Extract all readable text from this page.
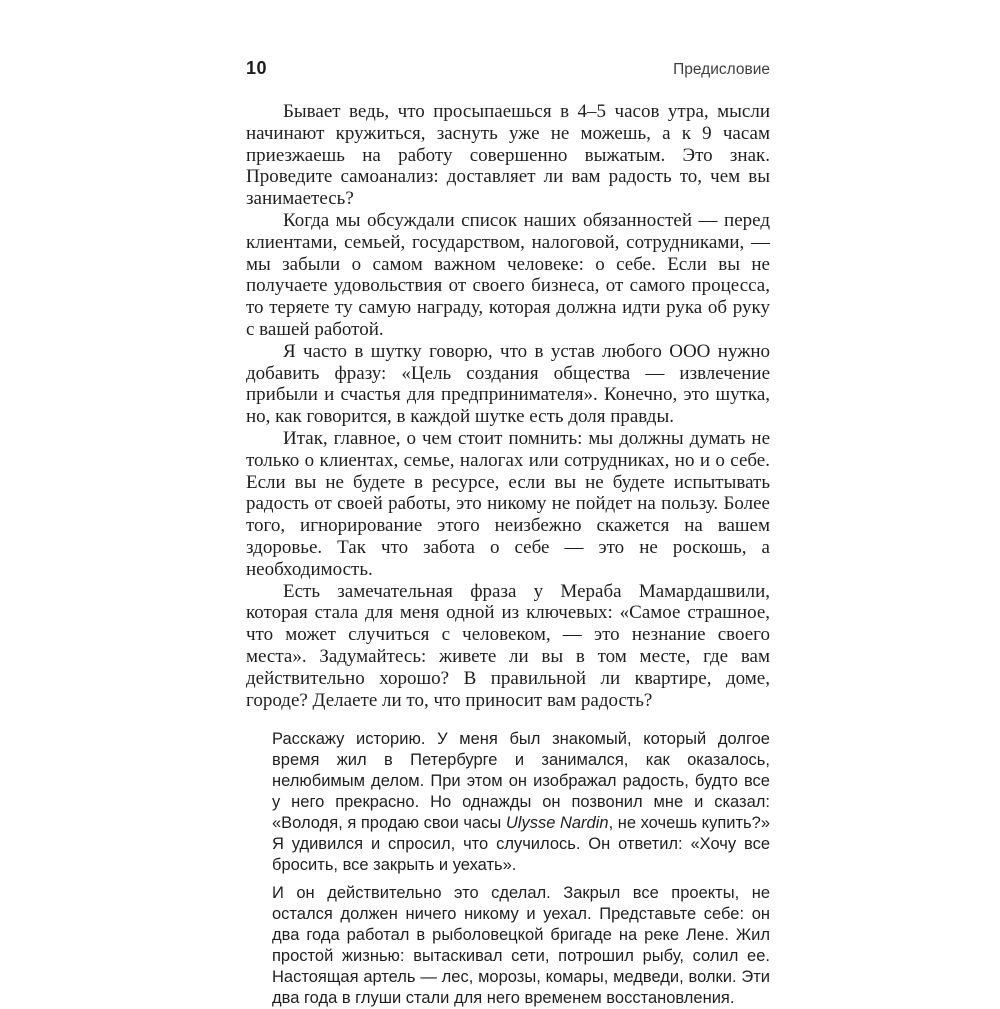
10	Предисловие

Бывает ведь, что просыпаешься в 4–5 часов утра, мысли начинают кружиться, заснуть уже не можешь, а к 9 часам приезжаешь на работу совершенно выжатым. Это знак. Проведите самоанализ: доставляет ли вам радость то, чем вы занимаетесь?

Когда мы обсуждали список наших обязанностей — перед клиентами, семьей, государством, налоговой, сотрудниками, — мы забыли о самом важном человеке: о себе. Если вы не получаете удовольствия от своего бизнеса, от самого процесса, то теряете ту самую награду, которая должна идти рука об руку с вашей работой.

Я часто в шутку говорю, что в устав любого ООО нужно добавить фразу: «Цель создания общества — извлечение прибыли и счастья для предпринимателя». Конечно, это шутка, но, как говорится, в каждой шутке есть доля правды.

Итак, главное, о чем стоит помнить: мы должны думать не только о клиентах, семье, налогах или сотрудниках, но и о себе. Если вы не будете в ресурсе, если вы не будете испытывать радость от своей работы, это никому не пойдет на пользу. Более того, игнорирование этого неизбежно скажется на вашем здоровье. Так что забота о себе — это не роскошь, а необходимость.

Есть замечательная фраза у Мераба Мамардашвили, которая стала для меня одной из ключевых: «Самое страшное, что может случиться с человеком, — это незнание своего места». Задумайтесь: живете ли вы в том месте, где вам действительно хорошо? В правильной ли квартире, доме, городе? Делаете ли то, что приносит вам радость?

Расскажу историю. У меня был знакомый, который долгое время жил в Петербурге и занимался, как оказалось, нелюбимым делом. При этом он изображал радость, будто все у него прекрасно. Но однажды он позвонил мне и сказал: «Володя, я продаю свои часы Ulysse Nardin, не хочешь купить?» Я удивился и спросил, что случилось. Он ответил: «Хочу все бросить, все закрыть и уехать».

И он действительно это сделал. Закрыл все проекты, не остался должен ничего никому и уехал. Представьте себе: он два года работал в рыболовецкой бригаде на реке Лене. Жил простой жизнью: вытаскивал сети, потрошил рыбу, солил ее. Настоящая артель — лес, морозы, комары, медведи, волки. Эти два года в глуши стали для него временем восстановления.
